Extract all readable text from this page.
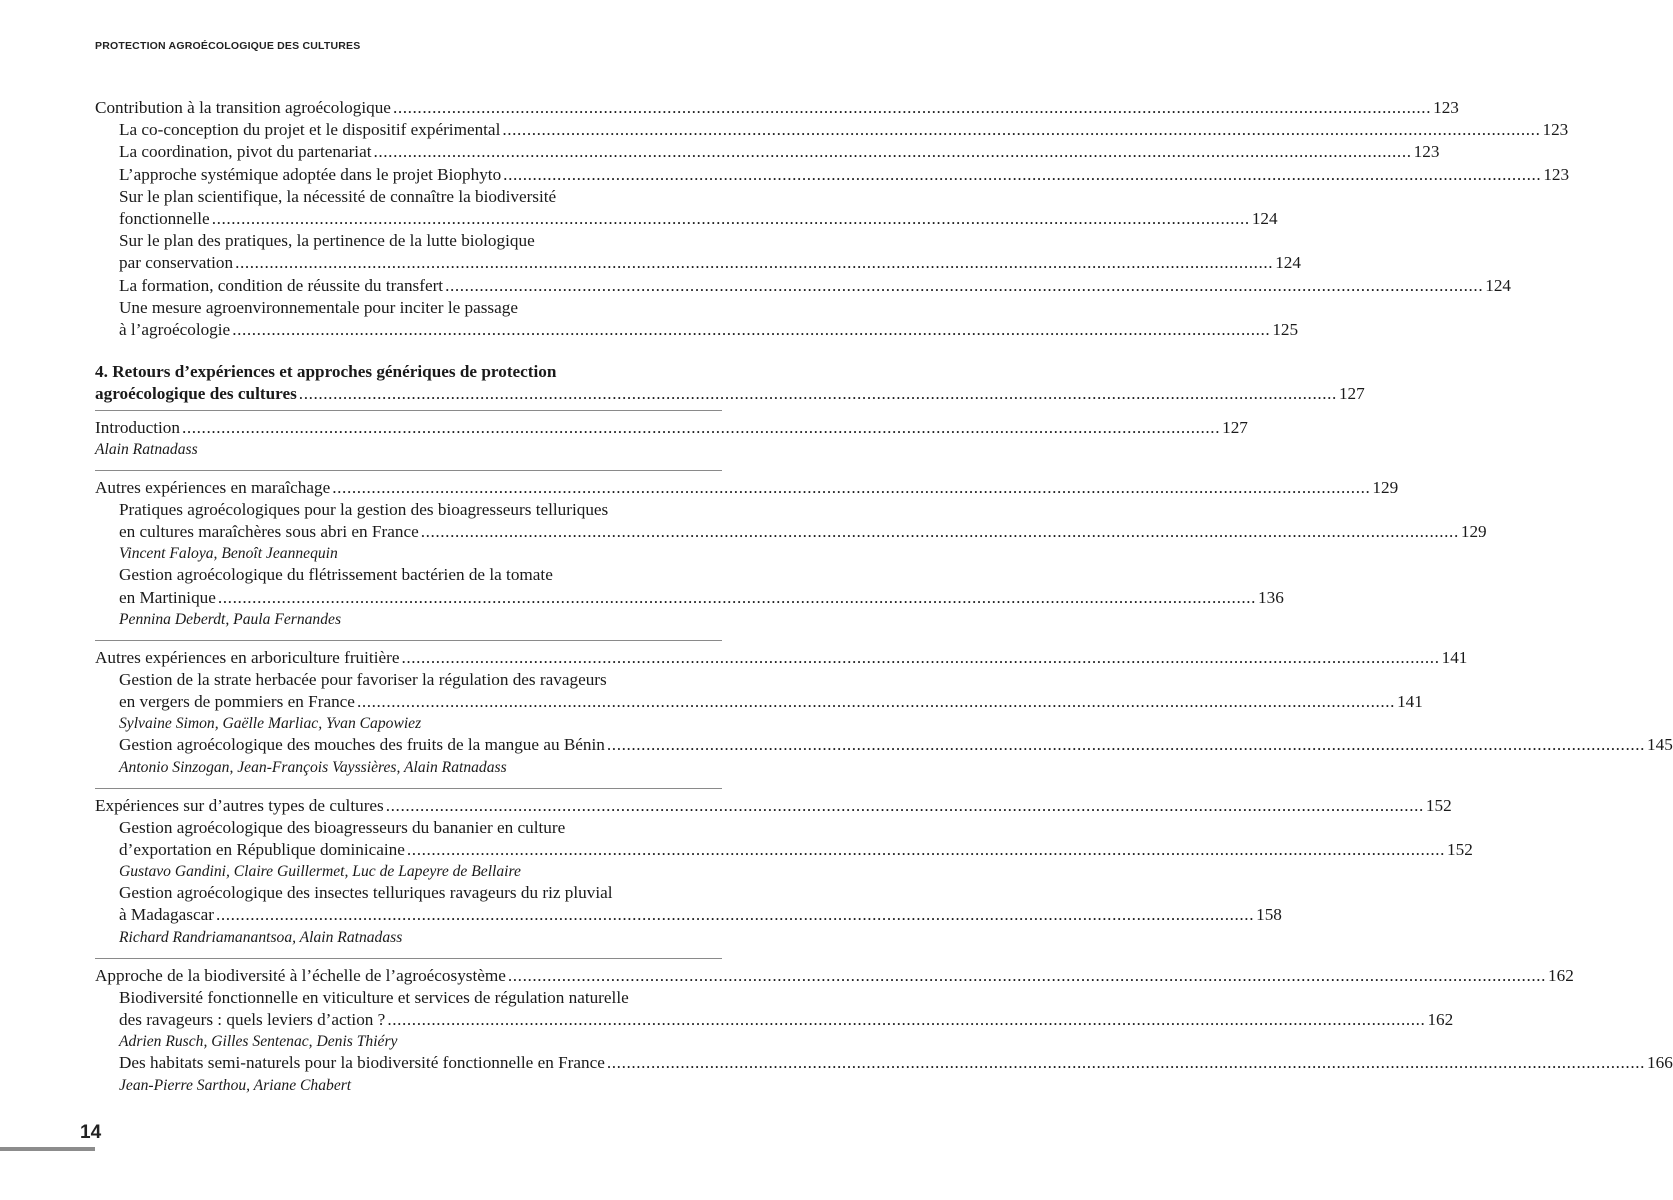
PROTECTION AGROÉCOLOGIQUE DES CULTURES
Contribution à la transition agroécologique .....	123
La co-conception du projet et le dispositif expérimental .....	123
La coordination, pivot du partenariat .....	123
L’approche systémique adoptée dans le projet Biophyto .....	123
Sur le plan scientifique, la nécessité de connaître la biodiversité
fonctionnelle .....	124
Sur le plan des pratiques, la pertinence de la lutte biologique
par conservation .....	124
La formation, condition de réussite du transfert .....	124
Une mesure agroenvironnementale pour inciter le passage
à l’agroécologie .....	125
4. Retours d’expériences et approches génériques de protection
agroécologique des cultures .....	127
Introduction .....	127
Alain Ratnadass
Autres expériences en maraîchage .....	129
Pratiques agroécologiques pour la gestion des bioagresseurs telluriques
en cultures maraîchères sous abri en France .....	129
Vincent Faloya, Benoît Jeannequin
Gestion agroécologique du flétrissement bactérien de la tomate
en Martinique .....	136
Pennina Deberdt, Paula Fernandes
Autres expériences en arboriculture fruitière .....	141
Gestion de la strate herbacée pour favoriser la régulation des ravageurs
en vergers de pommiers en France .....	141
Sylvaine Simon, Gaëlle Marliac, Yvan Capowiez
Gestion agroécologique des mouches des fruits de la mangue au Bénin .....	145
Antonio Sinzogan, Jean-François Vayssières, Alain Ratnadass
Expériences sur d’autres types de cultures .....	152
Gestion agroécologique des bioagresseurs du bananier en culture
d’exportation en République dominicaine .....	152
Gustavo Gandini, Claire Guillermet, Luc de Lapeyre de Bellaire
Gestion agroécologique des insectes telluriques ravageurs du riz pluvial
à Madagascar .....	158
Richard Randriamanantsoa, Alain Ratnadass
Approche de la biodiversité à l’échelle de l’agroécosystème .....	162
Biodiversité fonctionnelle en viticulture et services de régulation naturelle
des ravageurs : quels leviers d’action ? .....	162
Adrien Rusch, Gilles Sentenac, Denis Thiéry
Des habitats semi-naturels pour la biodiversité fonctionnelle en France .....	166
Jean-Pierre Sarthou, Ariane Chabert
14
